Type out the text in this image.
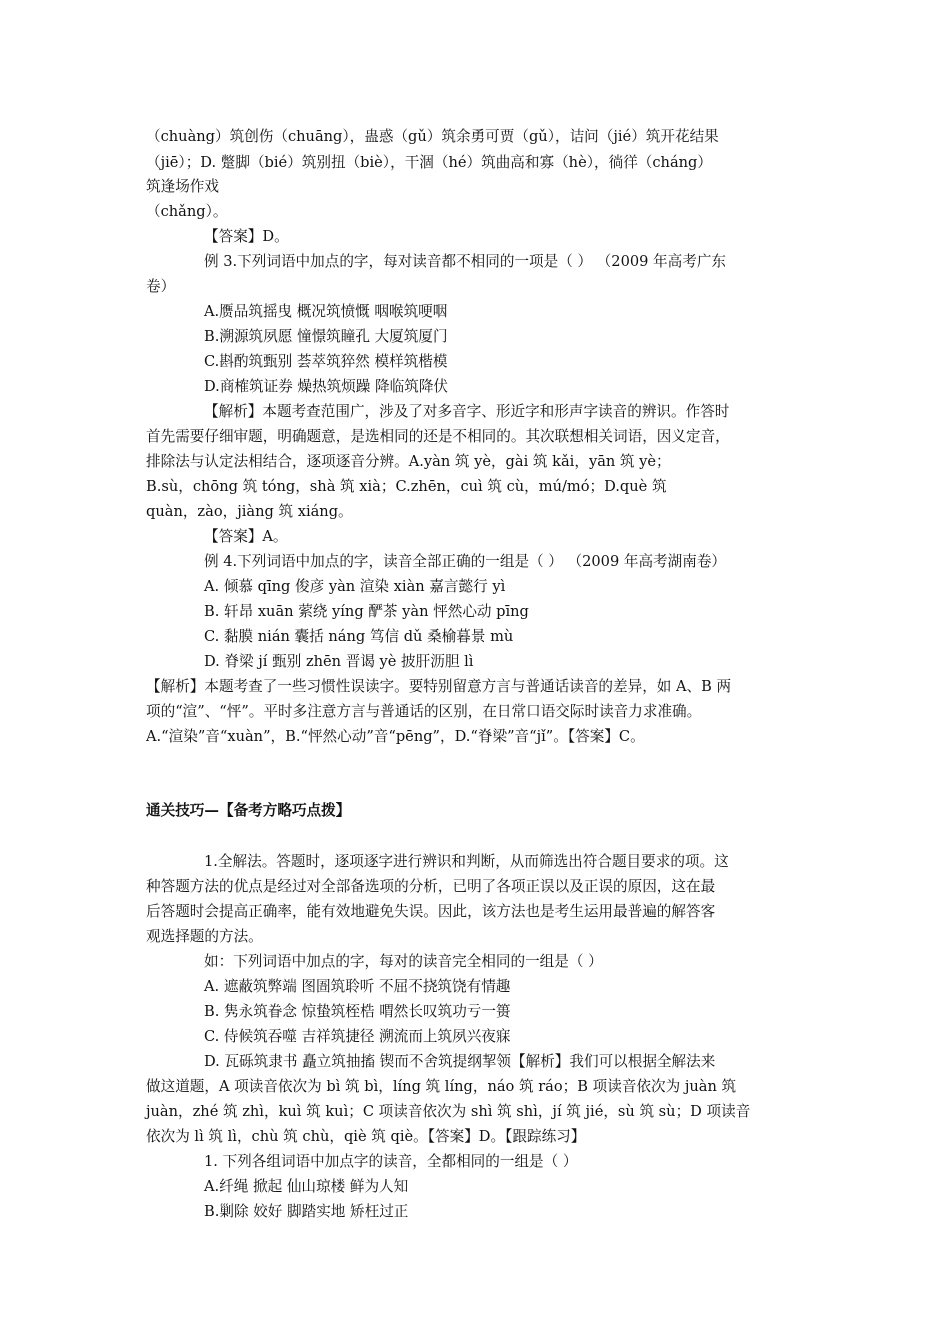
（chuàng）筑创伤（chuāng），蛊惑（gǔ）筑余勇可贾（gǔ），诘问（jié）筑开花结果
（jiē）；D. 蹩脚（bié）筑别扭（biè），干涸（hé）筑曲高和寡（hè），徜徉（cháng）
筑逢场作戏
（chǎng）。
【答案】D。
例 3.下列词语中加点的字，每对读音都不相同的一项是（ ） （2009 年高考广东
卷）
A.赝品筑摇曳 概况筑愤慨 咽喉筑哽咽
B.溯源筑夙愿 憧憬筑瞳孔 大厦筑厦门
C.斟酌筑甄别 荟萃筑猝然 模样筑楷模
D.商榷筑证券 燥热筑烦躁 降临筑降伏
【解析】本题考查范围广，涉及了对多音字、形近字和形声字读音的辨识。作答时
首先需要仔细审题，明确题意，是选相同的还是不相同的。其次联想相关词语，因义定音，
排除法与认定法相结合，逐项逐音分辨。A.yàn 筑 yè，gài 筑 kǎi，yān 筑 yè；
B.sù，chōng 筑 tóng，shà 筑 xià；C.zhēn，cuì 筑 cù，mú/mó；D.què 筑
quàn，zào，jiàng 筑 xiáng。
【答案】A。
例 4.下列词语中加点的字，读音全部正确的一组是（ ） （2009 年高考湖南卷）
A. 倾慕 qīng 俊彦 yàn 渲染 xiàn 嘉言懿行 yì
B. 轩昂 xuān 萦绕 yíng 酽茶 yàn 怦然心动 pīng
C. 黏膜 nián 囊括 náng 笃信 dǔ 桑榆暮景 mù
D. 脊梁 jí 甄别 zhēn 晋谒 yè 披肝沥胆 lì
【解析】本题考查了一些习惯性误读字。要特别留意方言与普通话读音的差异，如 A、B 两
项的“渲”、“怦”。平时多注意方言与普通话的区别，在日常口语交际时读音力求准确。
A.“渲染”音“xuàn”，B.“怦然心动”音“pēng”，D.“脊梁”音“jǐ”。【答案】C。
通关技巧—【备考方略巧点拨】
1.全解法。答题时，逐项逐字进行辨识和判断，从而筛选出符合题目要求的项。这
种答题方法的优点是经过对全部备选项的分析，已明了各项正误以及正误的原因，这在最
后答题时会提高正确率，能有效地避免失误。因此，该方法也是考生运用最普遍的解答客
观选择题的方法。
如：下列词语中加点的字，每对的读音完全相同的一组是（ ）
A. 遮蔽筑弊端 图圄筑聆听 不屈不挠筑饶有情趣
B. 隽永筑眷念 惊蛰筑桎梏 喟然长叹筑功亏一篑
C. 侍候筑吞噬 吉祥筑捷径 溯流而上筑夙兴夜寐
D. 瓦砾筑隶书 矗立筑抽搐 锲而不舍筑提纲挈领【解析】我们可以根据全解法来
做这道题，A 项读音依次为 bì 筑 bì，líng 筑 líng，náo 筑 ráo；B 项读音依次为 juàn 筑
juàn，zhé 筑 zhì，kuì 筑 kuì；C 项读音依次为 shì 筑 shì，jí 筑 jié，sù 筑 sù；D 项读音
依次为 lì 筑 lì，chù 筑 chù，qiè 筑 qiè。【答案】D。【跟踪练习】
1. 下列各组词语中加点字的读音，全都相同的一组是（ ）
A.纤绳 掀起 仙山琼楼 鲜为人知
B.剿除 姣好 脚踏实地 矫枉过正
